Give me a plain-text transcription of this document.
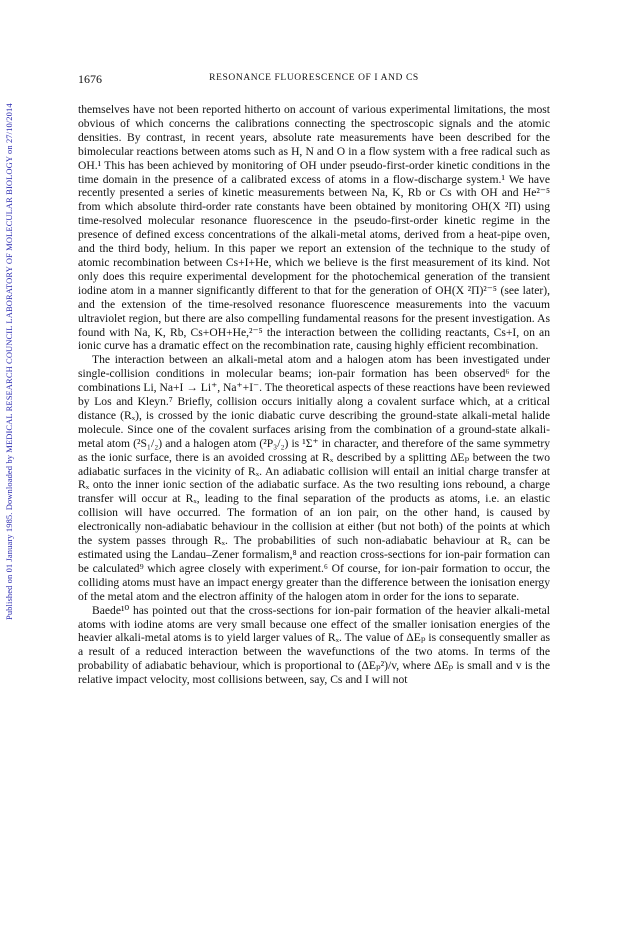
Published on 01 January 1985. Downloaded by MEDICAL RESEARCH COUNCIL LABORATORY OF MOLECULAR BIOLOGY on 27/10/2014
1676	RESONANCE FLUORESCENCE OF I AND CS

themselves have not been reported hitherto on account of various experimental limitations, the most obvious of which concerns the calibrations connecting the spectroscopic signals and the atomic densities. By contrast, in recent years, absolute rate measurements have been described for the bimolecular reactions between atoms such as H, N and O in a flow system with a free radical such as OH.¹ This has been achieved by monitoring of OH under pseudo-first-order kinetic conditions in the time domain in the presence of a calibrated excess of atoms in a flow-discharge system.¹ We have recently presented a series of kinetic measurements between Na, K, Rb or Cs with OH and He²⁻⁵ from which absolute third-order rate constants have been obtained by monitoring OH(X ²Π) using time-resolved molecular resonance fluorescence in the pseudo-first-order kinetic regime in the presence of defined excess concentrations of the alkali-metal atoms, derived from a heat-pipe oven, and the third body, helium. In this paper we report an extension of the technique to the study of atomic recombination between Cs+I+He, which we believe is the first measurement of its kind. Not only does this require experimental development for the photochemical generation of the transient iodine atom in a manner significantly different to that for the generation of OH(X ²Π)²⁻⁵ (see later), and the extension of the time-resolved resonance fluorescence measurements into the vacuum ultraviolet region, but there are also compelling fundamental reasons for the present investigation. As found with Na, K, Rb, Cs+OH+He,²⁻⁵ the interaction between the colliding reactants, Cs+I, on an ionic curve has a dramatic effect on the recombination rate, causing highly efficient recombination.

The interaction between an alkali-metal atom and a halogen atom has been investigated under single-collision conditions in molecular beams; ion-pair formation has been observed⁶ for the combinations Li, Na+I → Li⁺, Na⁺+I⁻. The theoretical aspects of these reactions have been reviewed by Los and Kleyn.⁷ Briefly, collision occurs initially along a covalent surface which, at a critical distance (Rₓ), is crossed by the ionic diabatic curve describing the ground-state alkali-metal halide molecule. Since one of the covalent surfaces arising from the combination of a ground-state alkali-metal atom (²S₁/₂) and a halogen atom (²P₃/₂) is ¹Σ⁺ in character, and therefore of the same symmetry as the ionic surface, there is an avoided crossing at Rₓ described by a splitting ΔEₚ between the two adiabatic surfaces in the vicinity of Rₓ. An adiabatic collision will entail an initial charge transfer at Rₓ onto the inner ionic section of the adiabatic surface. As the two resulting ions rebound, a charge transfer will occur at Rₓ, leading to the final separation of the products as atoms, i.e. an elastic collision will have occurred. The formation of an ion pair, on the other hand, is caused by electronically non-adiabatic behaviour in the collision at either (but not both) of the points at which the system passes through Rₓ. The probabilities of such non-adiabatic behaviour at Rₓ can be estimated using the Landau–Zener formalism,⁸ and reaction cross-sections for ion-pair formation can be calculated⁹ which agree closely with experiment.⁶ Of course, for ion-pair formation to occur, the colliding atoms must have an impact energy greater than the difference between the ionisation energy of the metal atom and the electron affinity of the halogen atom in order for the ions to separate.

Baede¹⁰ has pointed out that the cross-sections for ion-pair formation of the heavier alkali-metal atoms with iodine atoms are very small because one effect of the smaller ionisation energies of the heavier alkali-metal atoms is to yield larger values of Rₓ. The value of ΔEₚ is consequently smaller as a result of a reduced interaction between the wavefunctions of the two atoms. In terms of the probability of adiabatic behaviour, which is proportional to (ΔEₚ²)/v, where ΔEₚ is small and v is the relative impact velocity, most collisions between, say, Cs and I will not
